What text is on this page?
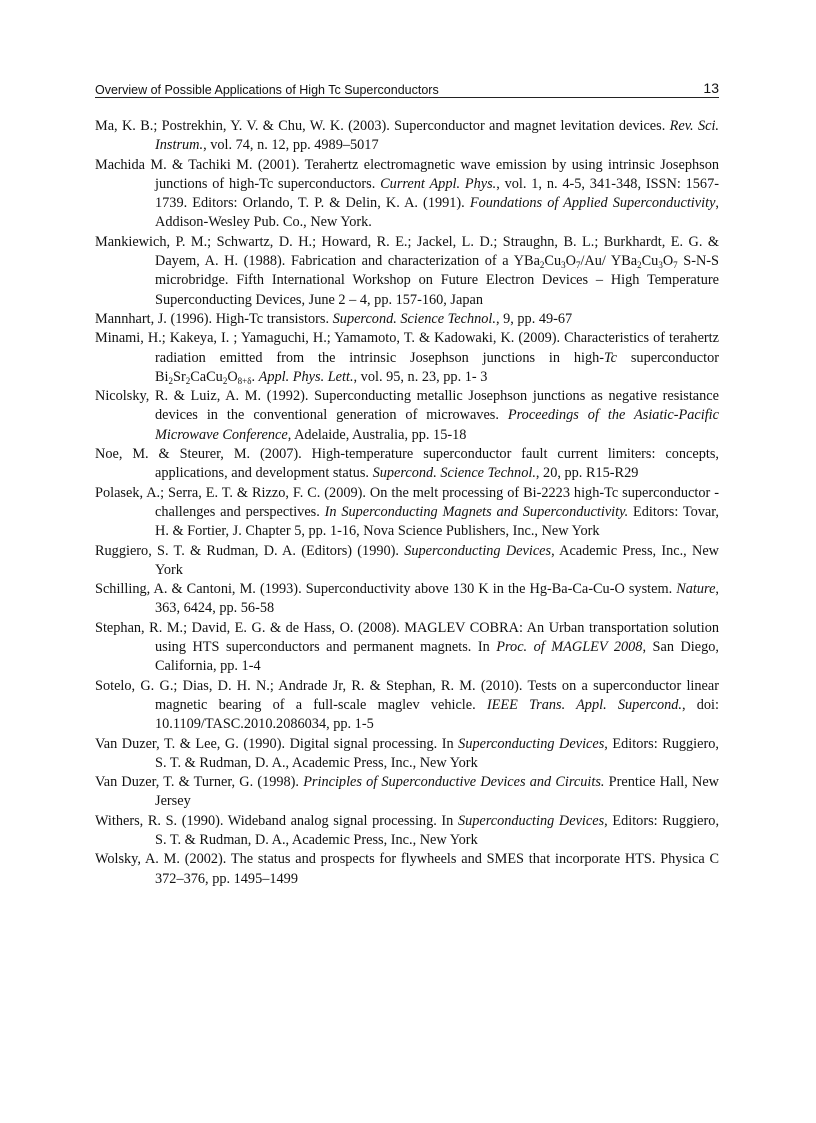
Overview of Possible Applications of High Tc Superconductors	13

Ma, K. B.; Postrekhin, Y. V. & Chu, W. K. (2003). Superconductor and magnet levitation devices. Rev. Sci. Instrum., vol. 74, n. 12, pp. 4989–5017

Machida M. & Tachiki M. (2001). Terahertz electromagnetic wave emission by using intrinsic Josephson junctions of high-Tc superconductors. Current Appl. Phys., vol. 1, n. 4-5, 341-348, ISSN: 1567-1739. Editors: Orlando, T. P. & Delin, K. A. (1991). Foundations of Applied Superconductivity, Addison-Wesley Pub. Co., New York.

Mankiewich, P. M.; Schwartz, D. H.; Howard, R. E.; Jackel, L. D.; Straughn, B. L.; Burkhardt, E. G. & Dayem, A. H. (1988). Fabrication and characterization of a $YBa_2Cu_3O_7/Au/$ $YBa_2Cu_3O_7$ S-N-S microbridge. Fifth International Workshop on Future Electron Devices – High Temperature Superconducting Devices, June 2 – 4, pp. 157-160, Japan

Mannhart, J. (1996). High-Tc transistors. Supercond. Science Technol., 9, pp. 49-67

Minami, H.; Kakeya, I. ; Yamaguchi, H.; Yamamoto, T. & Kadowaki, K. (2009). Characteristics of terahertz radiation emitted from the intrinsic Josephson junctions in high-Tc superconductor $Bi_2Sr_2CaCu_2O_{8+\delta}$. Appl. Phys. Lett., vol. 95, n. 23, pp. 1- 3

Nicolsky, R. & Luiz, A. M. (1992). Superconducting metallic Josephson junctions as negative resistance devices in the conventional generation of microwaves. Proceedings of the Asiatic-Pacific Microwave Conference, Adelaide, Australia, pp. 15-18

Noe, M. & Steurer, M. (2007). High-temperature superconductor fault current limiters: concepts, applications, and development status. Supercond. Science Technol., 20, pp. R15-R29

Polasek, A.; Serra, E. T. & Rizzo, F. C. (2009). On the melt processing of Bi-2223 high-Tc superconductor - challenges and perspectives. In Superconducting Magnets and Superconductivity. Editors: Tovar, H. & Fortier, J. Chapter 5, pp. 1-16, Nova Science Publishers, Inc., New York

Ruggiero, S. T. & Rudman, D. A. (Editors) (1990). Superconducting Devices, Academic Press, Inc., New York

Schilling, A. & Cantoni, M. (1993). Superconductivity above 130 K in the Hg-Ba-Ca-Cu-O system. Nature, 363, 6424, pp. 56-58

Stephan, R. M.; David, E. G. & de Hass, O. (2008). MAGLEV COBRA: An Urban transportation solution using HTS superconductors and permanent magnets. In Proc. of MAGLEV 2008, San Diego, California, pp. 1-4

Sotelo, G. G.; Dias, D. H. N.; Andrade Jr, R. & Stephan, R. M. (2010). Tests on a superconductor linear magnetic bearing of a full-scale maglev vehicle. IEEE Trans. Appl. Supercond., doi: 10.1109/TASC.2010.2086034, pp. 1-5

Van Duzer, T. & Lee, G. (1990). Digital signal processing. In Superconducting Devices, Editors: Ruggiero, S. T. & Rudman, D. A., Academic Press, Inc., New York

Van Duzer, T. & Turner, G. (1998). Principles of Superconductive Devices and Circuits. Prentice Hall, New Jersey

Withers, R. S. (1990). Wideband analog signal processing. In Superconducting Devices, Editors: Ruggiero, S. T. & Rudman, D. A., Academic Press, Inc., New York

Wolsky, A. M. (2002). The status and prospects for flywheels and SMES that incorporate HTS. Physica C 372–376, pp. 1495–1499
